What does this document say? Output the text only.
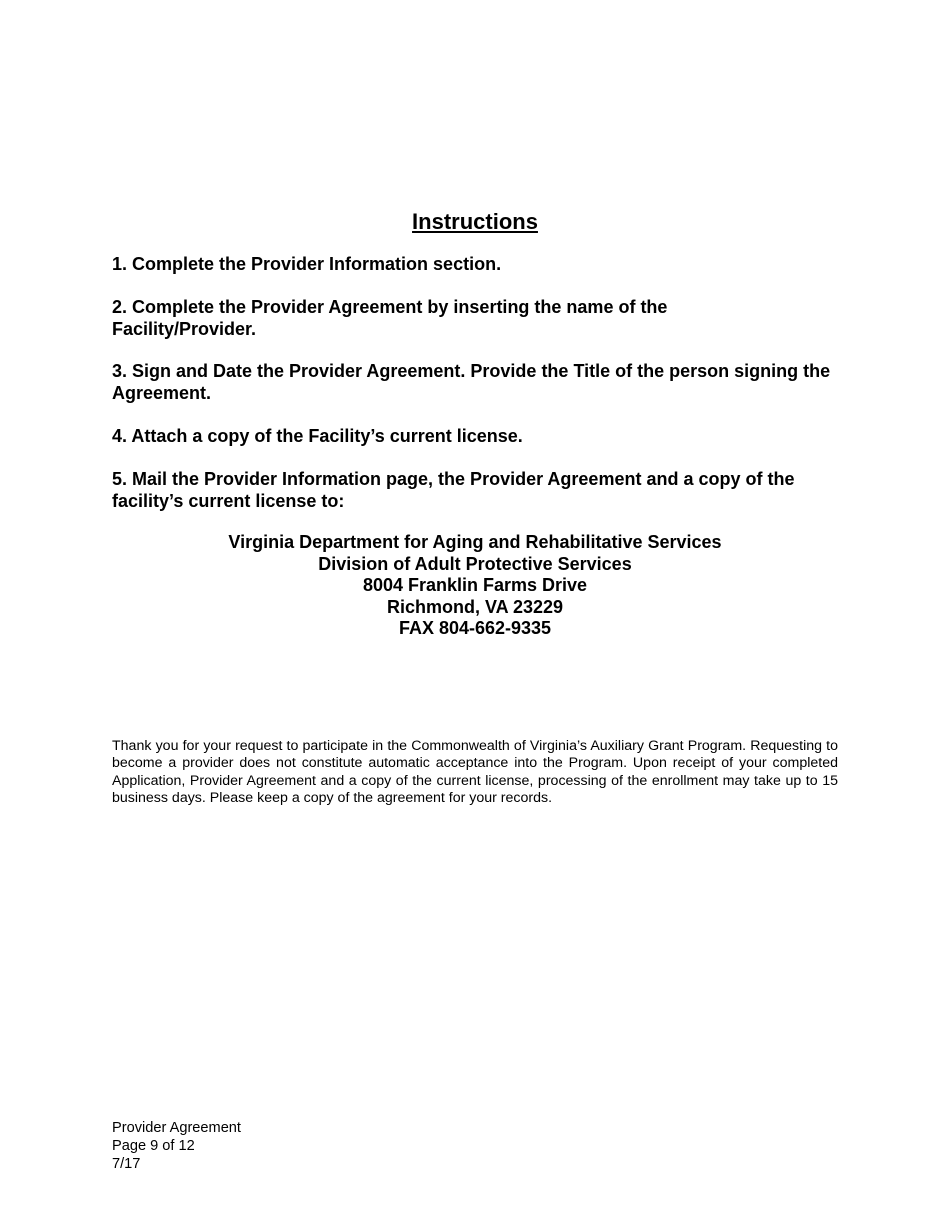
Instructions

1. Complete the Provider Information section.

2. Complete the Provider Agreement by inserting the name of the Facility/Provider.

3. Sign and Date the Provider Agreement. Provide the Title of the person signing the Agreement.

4. Attach a copy of the Facility’s current license.

5. Mail the Provider Information page, the Provider Agreement and a copy of the facility’s current license to:

Virginia Department for Aging and Rehabilitative Services
Division of Adult Protective Services
8004 Franklin Farms Drive
Richmond, VA 23229
FAX 804-662-9335

Thank you for your request to participate in the Commonwealth of Virginia’s Auxiliary Grant Program. Requesting to become a provider does not constitute automatic acceptance into the Program. Upon receipt of your completed Application, Provider Agreement and a copy of the current license, processing of the enrollment may take up to 15 business days. Please keep a copy of the agreement for your records.

Provider Agreement
Page 9 of 12
7/17
